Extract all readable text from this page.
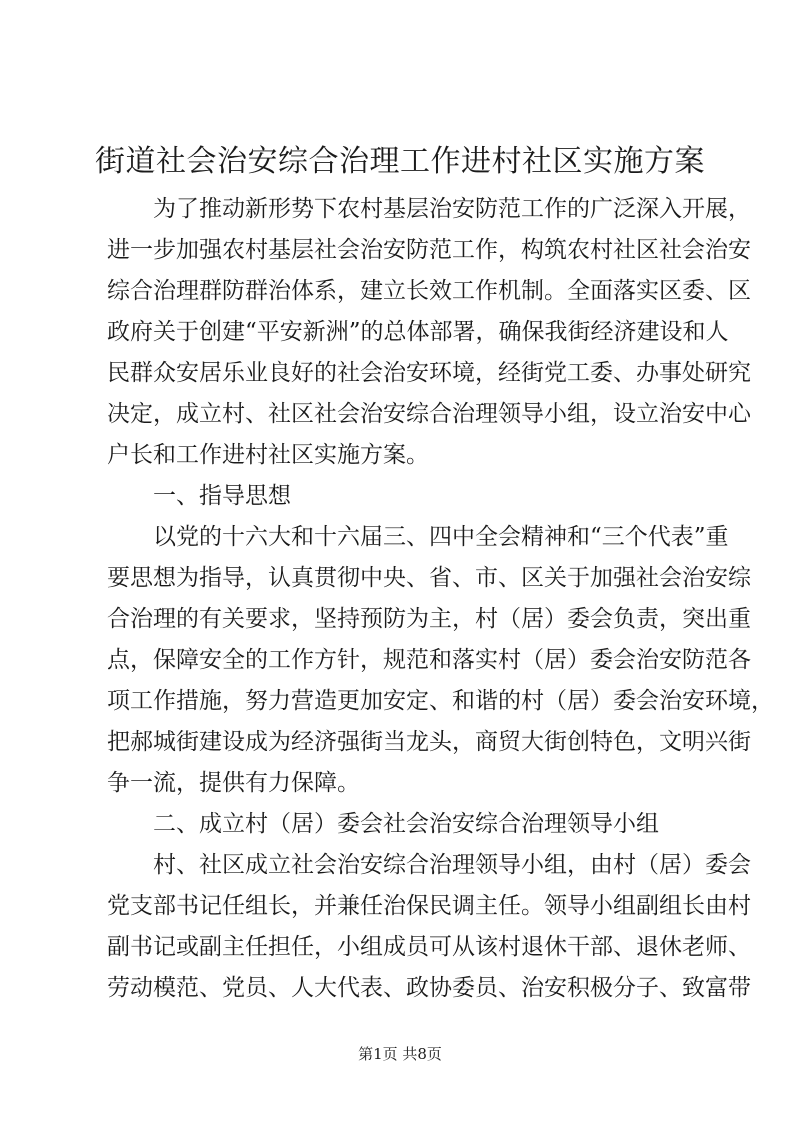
街道社会治安综合治理工作进村社区实施方案

为了推动新形势下农村基层治安防范工作的广泛深入开展，

进一步加强农村基层社会治安防范工作，构筑农村社区社会治安

综合治理群防群治体系，建立长效工作机制。全面落实区委、区

政府关于创建“平安新洲”的总体部署，确保我街经济建设和人

民群众安居乐业良好的社会治安环境，经街党工委、办事处研究

决定，成立村、社区社会治安综合治理领导小组，设立治安中心

户长和工作进村社区实施方案。

一、指导思想

以党的十六大和十六届三、四中全会精神和“三个代表”重

要思想为指导，认真贯彻中央、省、市、区关于加强社会治安综

合治理的有关要求，坚持预防为主，村（居）委会负责，突出重

点，保障安全的工作方针，规范和落实村（居）委会治安防范各

项工作措施，努力营造更加安定、和谐的村（居）委会治安环境，

把郝城街建设成为经济强街当龙头，商贸大街创特色，文明兴街

争一流，提供有力保障。

二、成立村（居）委会社会治安综合治理领导小组

村、社区成立社会治安综合治理领导小组，由村（居）委会

党支部书记任组长，并兼任治保民调主任。领导小组副组长由村

副书记或副主任担任，小组成员可从该村退休干部、退休老师、

劳动模范、党员、人大代表、政协委员、治安积极分子、致富带

第1页 共8页
